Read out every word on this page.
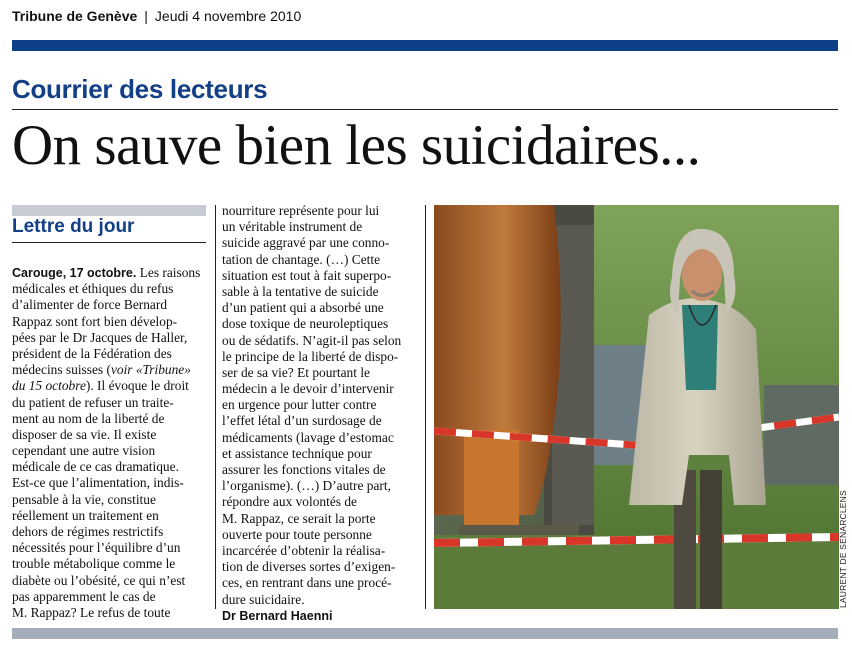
Tribune de Genève | Jeudi 4 novembre 2010
Courrier des lecteurs
On sauve bien les suicidaires...
Lettre du jour
Carouge, 17 octobre. Les raisons
médicales et éthiques du refus
d’alimenter de force Bernard
Rappaz sont fort bien dévelop-
pées par le Dr Jacques de Haller,
président de la Fédération des
médecins suisses (voir «Tribune»
du 15 octobre). Il évoque le droit
du patient de refuser un traite-
ment au nom de la liberté de
disposer de sa vie. Il existe
cependant une autre vision
médicale de ce cas dramatique.
Est-ce que l’alimentation, indis-
pensable à la vie, constitue
réellement un traitement en
dehors de régimes restrictifs
nécessités pour l’équilibre d’un
trouble métabolique comme le
diabète ou l’obésité, ce qui n’est
pas apparemment le cas de
M. Rappaz? Le refus de toute
nourriture représente pour lui
un véritable instrument de
suicide aggravé par une conno-
tation de chantage. (…) Cette
situation est tout à fait superpo-
sable à la tentative de suicide
d’un patient qui a absorbé une
dose toxique de neuroleptiques
ou de sédatifs. N’agit-il pas selon
le principe de la liberté de dispo-
ser de sa vie? Et pourtant le
médecin a le devoir d’intervenir
en urgence pour lutter contre
l’effet létal d’un surdosage de
médicaments (lavage d’estomac
et assistance technique pour
assurer les fonctions vitales de
l’organisme). (…) D’autre part,
répondre aux volontés de
M. Rappaz, ce serait la porte
ouverte pour toute personne
incarcérée d’obtenir la réalisa-
tion de diverses sortes d’exigen-
ces, en rentrant dans une procé-
dure suicidaire.
Dr Bernard Haenni
LAURENT DE SENARCLENS
